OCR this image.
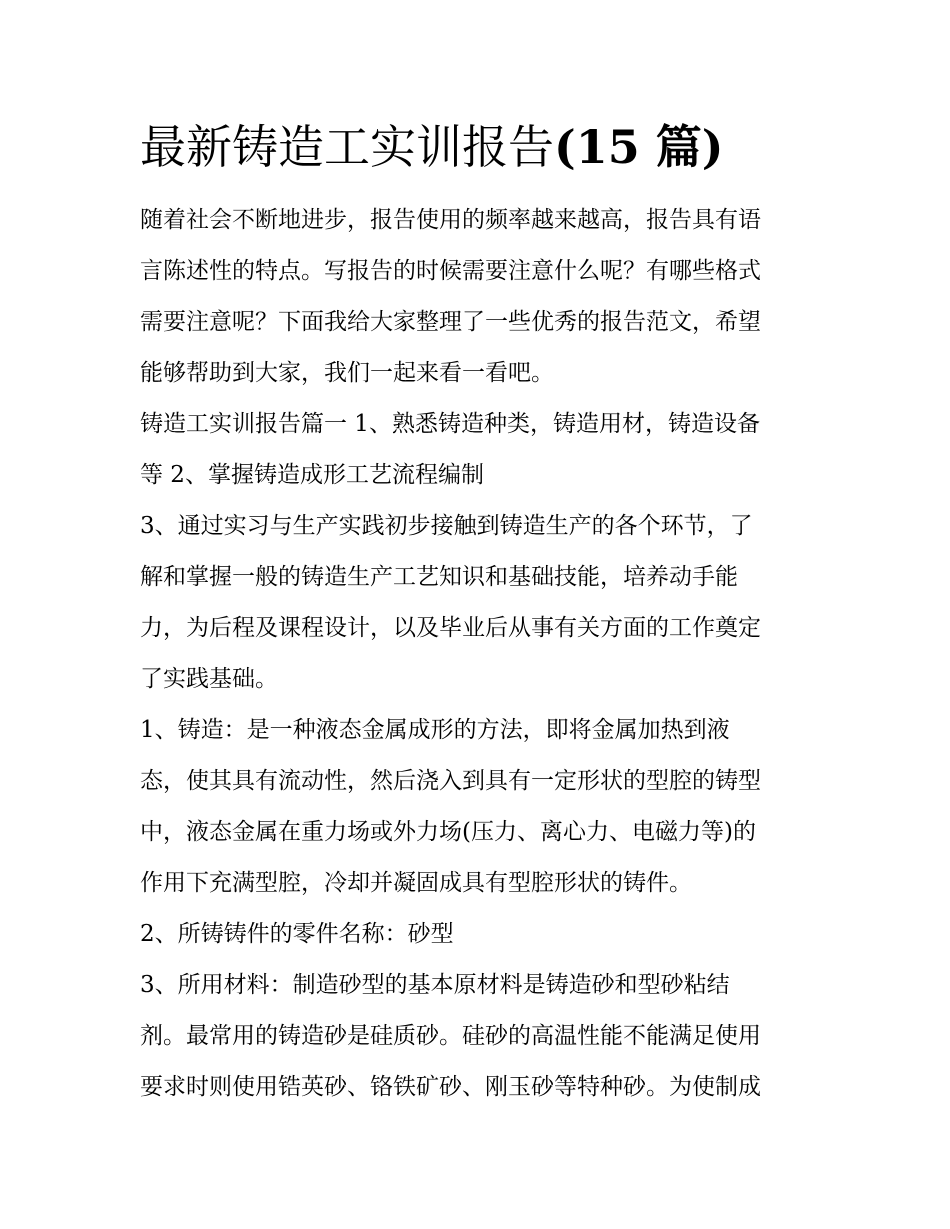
最新铸造工实训报告(15 篇)
随着社会不断地进步，报告使用的频率越来越高，报告具有语
言陈述性的特点。写报告的时候需要注意什么呢？有哪些格式
需要注意呢？下面我给大家整理了一些优秀的报告范文，希望
能够帮助到大家，我们一起来看一看吧。
铸造工实训报告篇一 1、熟悉铸造种类，铸造用材，铸造设备
等 2、掌握铸造成形工艺流程编制
3、通过实习与生产实践初步接触到铸造生产的各个环节，了
解和掌握一般的铸造生产工艺知识和基础技能，培养动手能
力，为后程及课程设计，以及毕业后从事有关方面的工作奠定
了实践基础。
1、铸造：是一种液态金属成形的方法，即将金属加热到液
态，使其具有流动性，然后浇入到具有一定形状的型腔的铸型
中，液态金属在重力场或外力场(压力、离心力、电磁力等)的
作用下充满型腔，冷却并凝固成具有型腔形状的铸件。
2、所铸铸件的零件名称：砂型
3、所用材料：制造砂型的基本原材料是铸造砂和型砂粘结
剂。最常用的铸造砂是硅质砂。硅砂的高温性能不能满足使用
要求时则使用锆英砂、铬铁矿砂、刚玉砂等特种砂。为使制成
